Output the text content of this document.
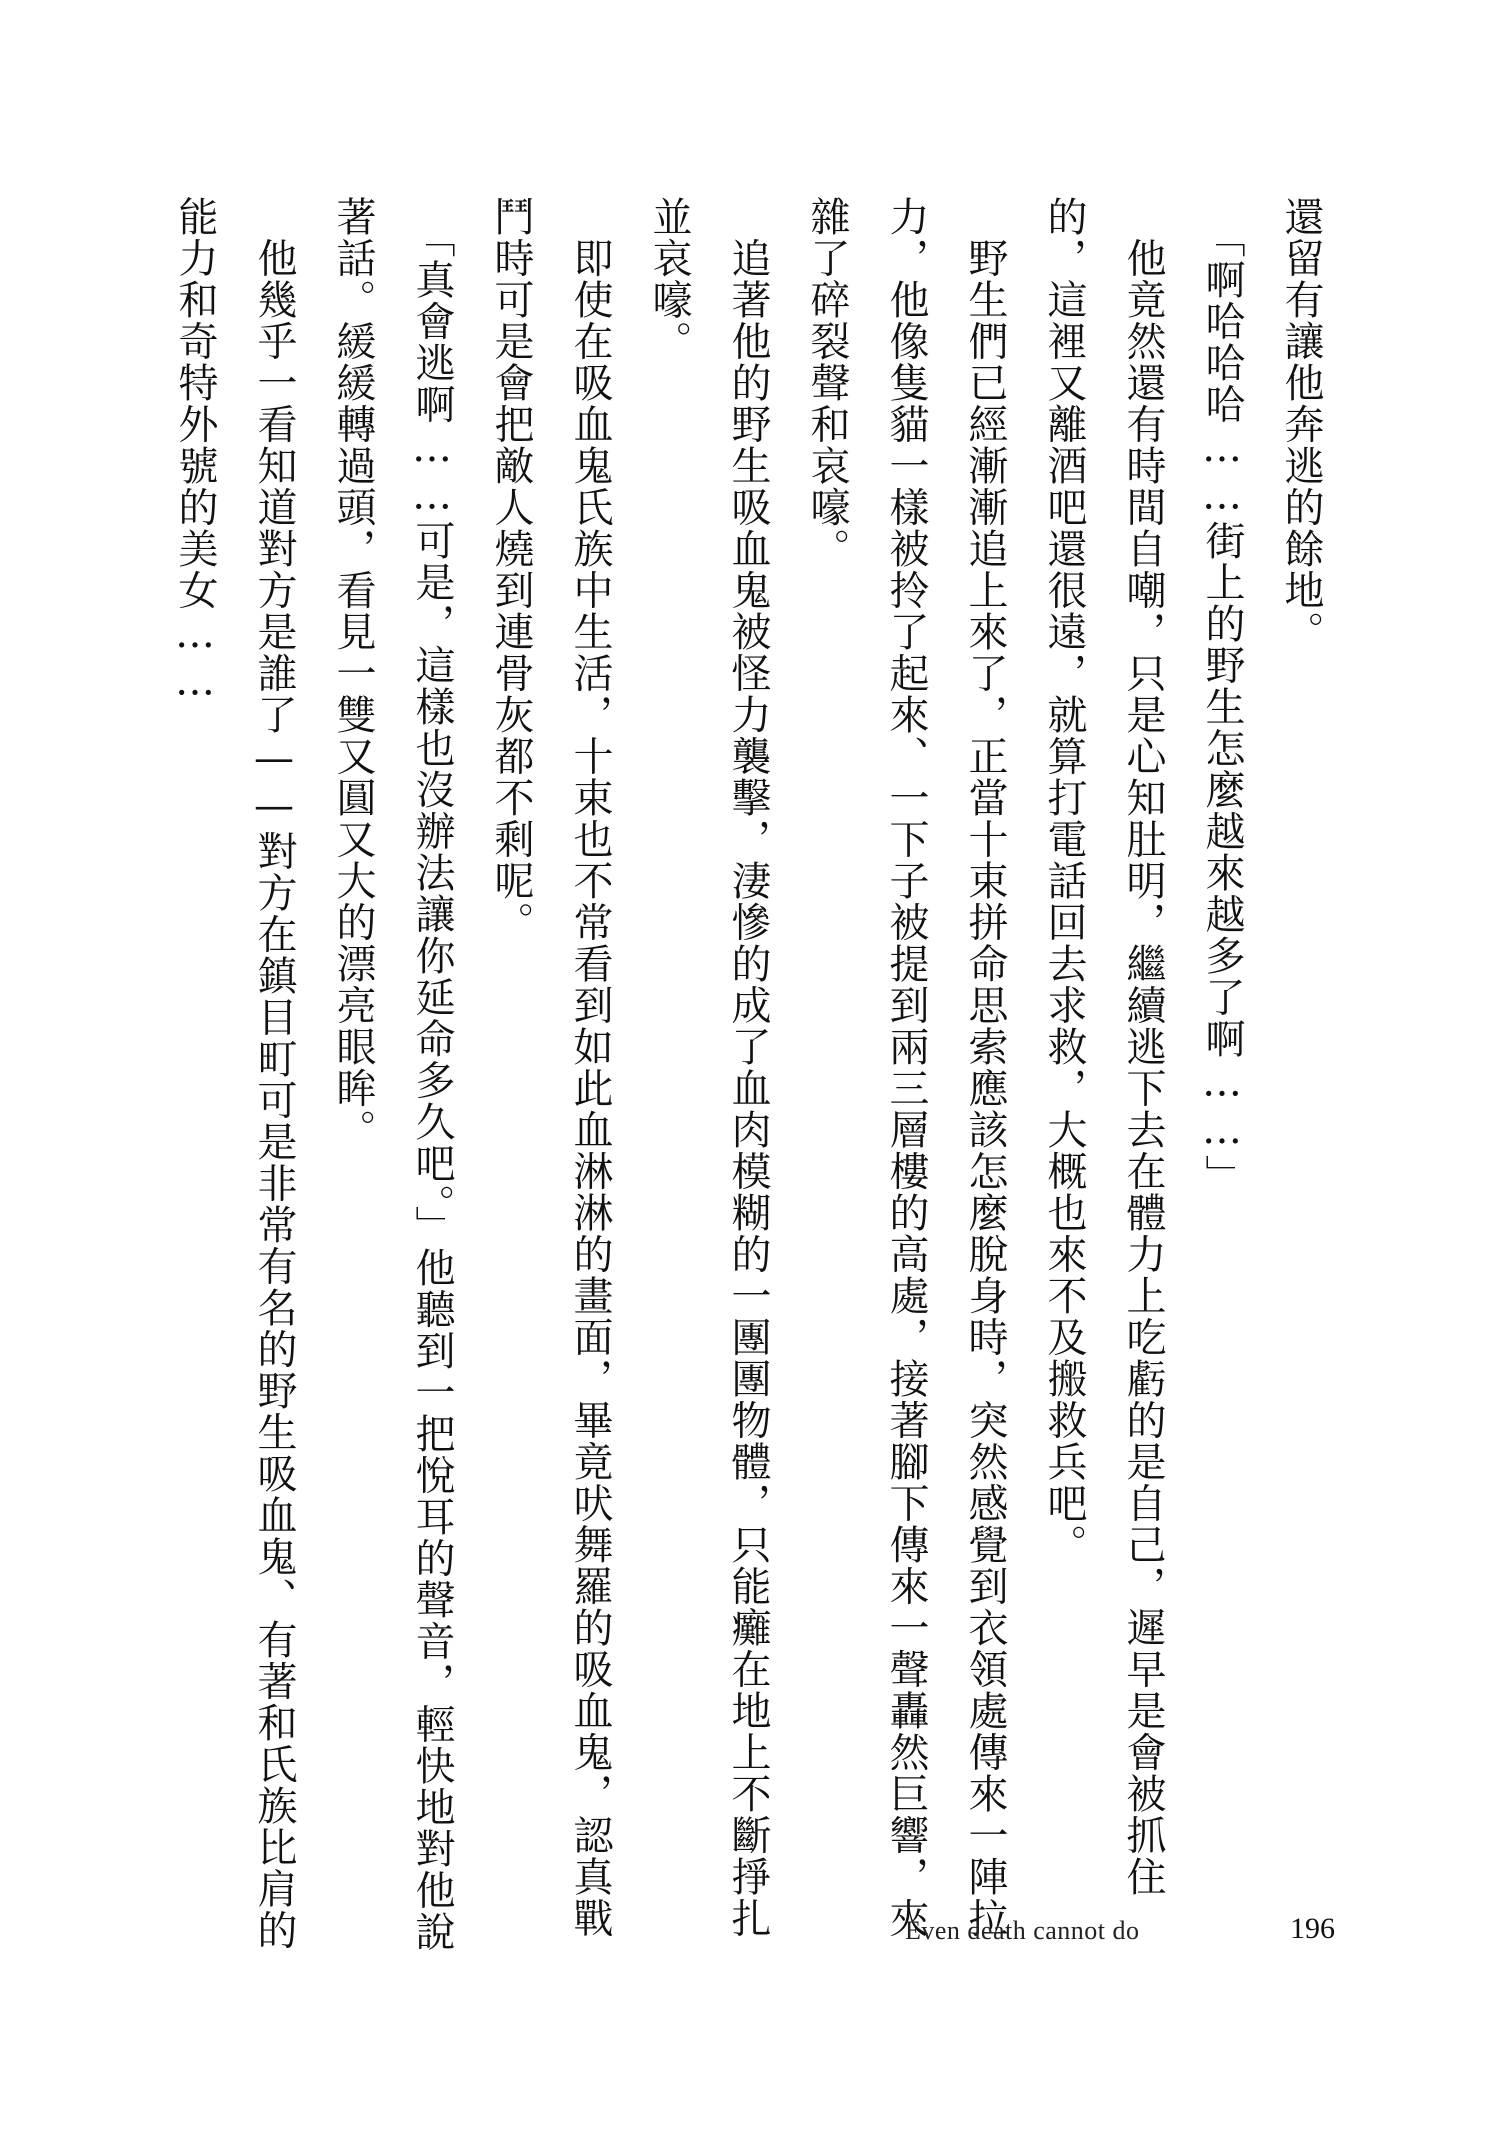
還留有讓他奔逃的餘地。

　「啊哈哈哈……街上的野生怎麼越來越多了啊……」

　他竟然還有時間自嘲，只是心知肚明，繼續逃下去在體力上吃虧的是自己，遲早是會被抓住的，這裡又離酒吧還很遠，就算打電話回去求救，大概也來不及搬救兵吧。

　野生們已經漸漸追上來了，正當十束拼命思索應該怎麼脫身時，突然感覺到衣領處傳來一陣拉力，他像隻貓一樣被拎了起來、一下子被提到兩三層樓的高處，接著腳下傳來一聲轟然巨響，夾雜了碎裂聲和哀嚎。

　追著他的野生吸血鬼被怪力襲擊，淒慘的成了血肉模糊的一團團物體，只能癱在地上不斷掙扎並哀嚎。

　即使在吸血鬼氏族中生活，十束也不常看到如此血淋淋的畫面，畢竟吠舞羅的吸血鬼，認真戰鬥時可是會把敵人燒到連骨灰都不剩呢。

　「真會逃啊……可是，這樣也沒辦法讓你延命多久吧。」他聽到一把悅耳的聲音，輕快地對他說著話。緩緩轉過頭，看見一雙又圓又大的漂亮眼眸。

　他幾乎一看知道對方是誰了——對方在鎮目町可是非常有名的野生吸血鬼、有著和氏族比肩的能力和奇特外號的美女……

Even death cannot do	196
